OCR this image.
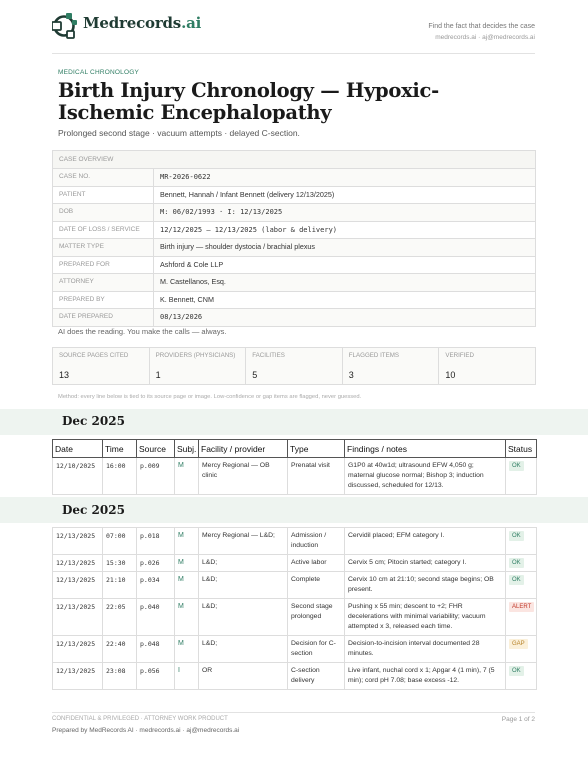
Medrecords.ai	Find the fact that decides the case
medrecords.ai · aj@medrecords.ai
MEDICAL CHRONOLOGY
Birth Injury Chronology — Hypoxic-Ischemic Encephalopathy
Prolonged second stage · vacuum attempts · delayed C-section.
CASE OVERVIEW
CASE NO.	MR-2026-0622
PATIENT	Bennett, Hannah / Infant Bennett (delivery 12/13/2025)
DOB	M: 06/02/1993 · I: 12/13/2025
DATE OF LOSS / SERVICE	12/12/2025 – 12/13/2025 (labor & delivery)
MATTER TYPE	Birth injury — shoulder dystocia / brachial plexus
PREPARED FOR	Ashford & Cole LLP
ATTORNEY	M. Castellanos, Esq.
PREPARED BY	K. Bennett, CNM
DATE PREPARED	08/13/2026
AI does the reading. You make the calls — always.
SOURCE PAGES CITED
13
PROVIDERS (PHYSICIANS)
1
FACILITIES
5
FLAGGED ITEMS
3
VERIFIED
10
Method: every line below is tied to its source page or image. Low-confidence or gap items are flagged, never guessed.
Dec 2025
Date	Time	Source	Subj.	Facility / provider	Type	Findings / notes	Status
12/10/2025	16:00	p.009	M	Mercy Regional — OB clinic	Prenatal visit	G1P0 at 40w1d; ultrasound EFW 4,050 g; maternal glucose normal; Bishop 3; induction discussed, scheduled for 12/13.	OK
Dec 2025
12/13/2025	07:00	p.018	M	Mercy Regional — L&D;	Admission / induction	Cervidil placed; EFM category I.	OK
12/13/2025	15:30	p.026	M	L&D;	Active labor	Cervix 5 cm; Pitocin started; category I.	OK
12/13/2025	21:10	p.034	M	L&D;	Complete	Cervix 10 cm at 21:10; second stage begins; OB present.	OK
12/13/2025	22:05	p.040	M	L&D;	Second stage prolonged	Pushing x 55 min; descent to +2; FHR decelerations with minimal variability; vacuum attempted x 3, released each time.	ALERT
12/13/2025	22:40	p.048	M	L&D;	Decision for C-section	Decision-to-incision interval documented 28 minutes.	GAP
12/13/2025	23:08	p.056	I	OR	C-section delivery	Live infant, nuchal cord x 1; Apgar 4 (1 min), 7 (5 min); cord pH 7.08; base excess -12.	OK
CONFIDENTIAL & PRIVILEGED · ATTORNEY WORK PRODUCT
Prepared by MedRecords AI · medrecords.ai · aj@medrecords.ai
Page 1 of 2
